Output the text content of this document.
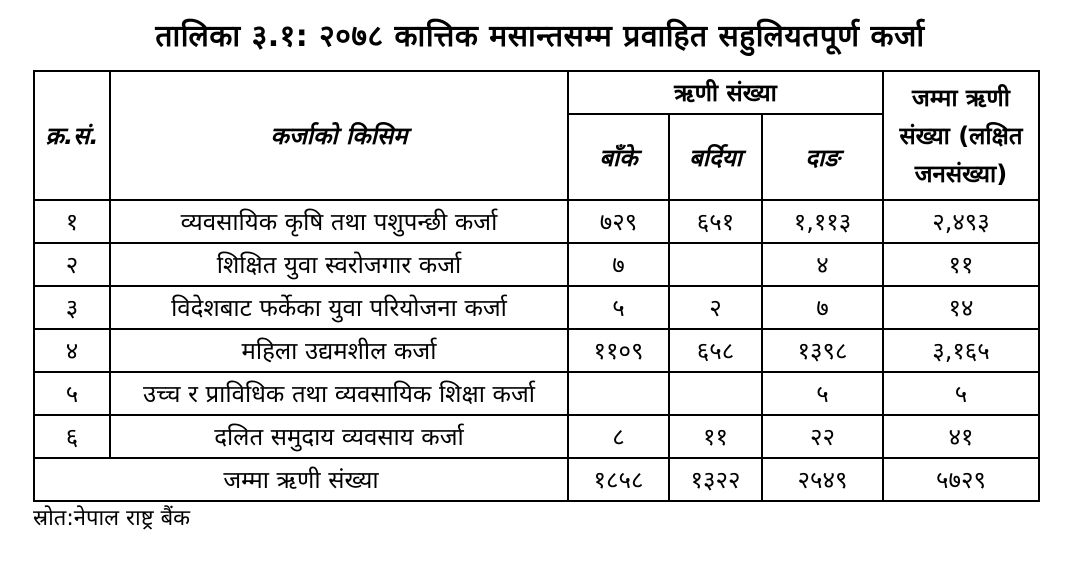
तालिका ३.१: २०७८ कात्तिक मसान्तसम्म प्रवाहित सहुलियतपूर्ण कर्जा
क्र.सं.	कर्जाको किसिम	ऋणी संख्या			जम्मा ऋणी संख्या (लक्षित जनसंख्या)
		बाँके	बर्दिया	दाङ	
१	व्यवसायिक कृषि तथा पशुपन्छी कर्जा	७२९	६५१	१,११३	२,४९३
२	शिक्षित युवा स्वरोजगार कर्जा	७		४	११
३	विदेशबाट फर्केका युवा परियोजना कर्जा	५	२	७	१४
४	महिला उद्यमशील कर्जा	११०९	६५८	१३९८	३,१६५
५	उच्च र प्राविधिक तथा व्यवसायिक शिक्षा कर्जा			५	५
६	दलित समुदाय व्यवसाय कर्जा	८	११	२२	४१
जम्मा ऋणी संख्या		१८५८	१३२२	२५४९	५७२९
स्रोत:नेपाल राष्ट्र बैंक
